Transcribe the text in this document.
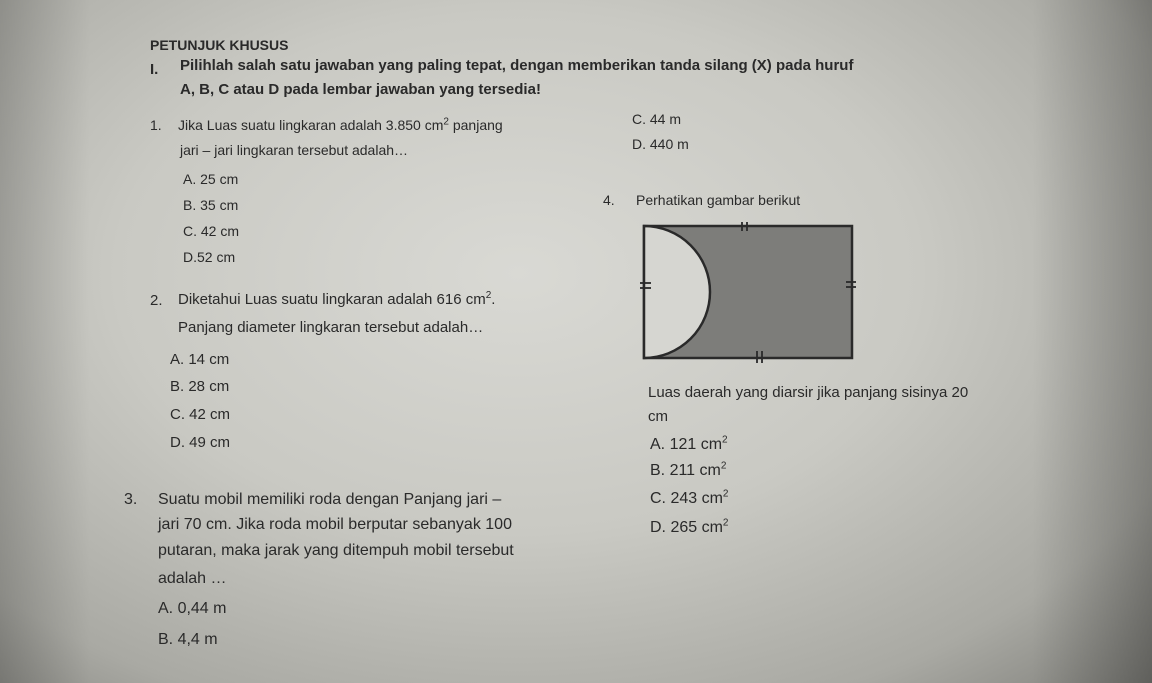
PETUNJUK KHUSUS
I. Pilihlah salah satu jawaban yang paling tepat, dengan memberikan tanda silang (X) pada huruf
A, B, C atau D pada lembar jawaban yang tersedia!
1. Jika Luas suatu lingkaran adalah 3.850 $cm^2$ panjang
jari – jari lingkaran tersebut adalah…
A. 25 cm
B. 35 cm
C. 42 cm
D.52 cm
C. 44 m
D. 440 m
2. Diketahui Luas suatu lingkaran adalah 616 $cm^2$.
Panjang diameter lingkaran tersebut adalah…
A. 14 cm
B. 28 cm
C. 42 cm
D. 49 cm
3. Suatu mobil memiliki roda dengan Panjang jari –
jari 70 cm. Jika roda mobil berputar sebanyak 100
putaran, maka jarak yang ditempuh mobil tersebut
adalah …
A. 0,44 m
B. 4,4 m
4. Perhatikan gambar berikut
Luas daerah yang diarsir jika panjang sisinya 20
cm
A. 121 $cm^2$
B. 211 $cm^2$
C. 243 $cm^2$
D. 265 $cm^2$
